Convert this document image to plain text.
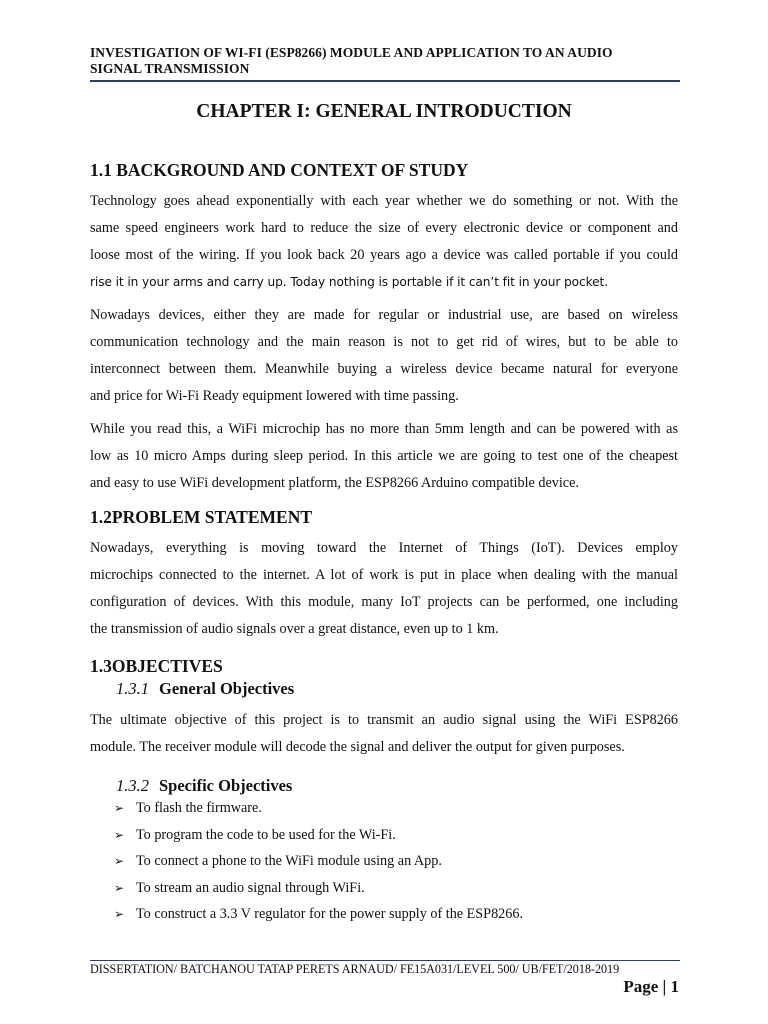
INVESTIGATION OF WI-FI (ESP8266) MODULE AND APPLICATION TO AN AUDIO
SIGNAL TRANSMISSION
CHAPTER I: GENERAL INTRODUCTION
1.1 BACKGROUND AND CONTEXT OF STUDY
Technology goes ahead exponentially with each year whether we do something or not. With the
same speed engineers work hard to reduce the size of every electronic device or component and
loose most of the wiring. If you look back 20 years ago a device was called portable if you could
rise it in your arms and carry up. Today nothing is portable if it can’t fit in your pocket.
Nowadays devices, either they are made for regular or industrial use, are based on wireless
communication technology and the main reason is not to get rid of wires, but to be able to
interconnect between them. Meanwhile buying a wireless device became natural for everyone
and price for Wi-Fi Ready equipment lowered with time passing.
While you read this, a WiFi microchip has no more than 5mm length and can be powered with as
low as 10 micro Amps during sleep period. In this article we are going to test one of the cheapest
and easy to use WiFi development platform, the ESP8266 Arduino compatible device.
1.2PROBLEM STATEMENT
Nowadays, everything is moving toward the Internet of Things (IoT). Devices employ
microchips connected to the internet. A lot of work is put in place when dealing with the manual
configuration of devices. With this module, many IoT projects can be performed, one including
the transmission of audio signals over a great distance, even up to 1 km.
1.3OBJECTIVES
1.3.1 General Objectives
The ultimate objective of this project is to transmit an audio signal using the WiFi ESP8266
module. The receiver module will decode the signal and deliver the output for given purposes.
1.3.2 Specific Objectives
➢ To flash the firmware.
➢ To program the code to be used for the Wi-Fi.
➢ To connect a phone to the WiFi module using an App.
➢ To stream an audio signal through WiFi.
➢ To construct a 3.3 V regulator for the power supply of the ESP8266.
DISSERTATION/ BATCHANOU TATAP PERETS ARNAUD/ FE15A031/LEVEL 500/ UB/FET/2018-2019
Page | 1
